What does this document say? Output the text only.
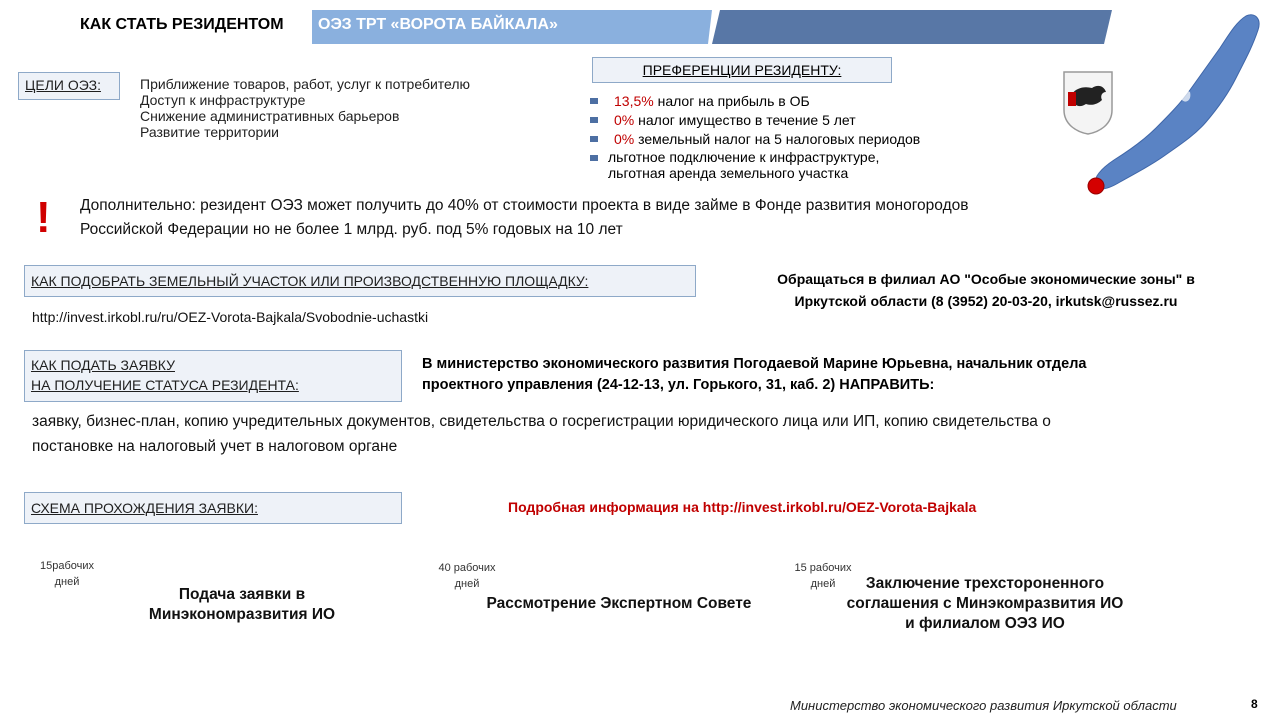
КАК СТАТЬ РЕЗИДЕНТОМ ОЭЗ ТРТ «ВОРОТА БАЙКАЛА»
ЦЕЛИ ОЭЗ:	Приближение товаров, работ, услуг к потребителю
Доступ к инфраструктуре
Снижение административных барьеров
Развитие территории
ПРЕФЕРЕНЦИИ РЕЗИДЕНТУ:
13,5% налог на прибыль в ОБ
0% налог имущество в течение 5 лет
0% земельный налог на 5 налоговых периодов
льготное подключение к инфраструктуре,
льготная аренда земельного участка
! Дополнительно: резидент ОЭЗ может получить до 40% от стоимости проекта в виде займе в Фонде развития моногородов
Российской Федерации но не более 1 млрд. руб. под 5% годовых на 10 лет
КАК ПОДОБРАТЬ ЗЕМЕЛЬНЫЙ УЧАСТОК ИЛИ ПРОИЗВОДСТВЕННУЮ ПЛОЩАДКУ:	Обращаться в филиал АО "Особые экономические зоны" в
Иркутской области (8 (3952) 20-03-20, irkutsk@russez.ru
http://invest.irkobl.ru/ru/OEZ-Vorota-Bajkala/Svobodnie-uchastki
КАК ПОДАТЬ ЗАЯВКУ
НА ПОЛУЧЕНИЕ СТАТУСА РЕЗИДЕНТА:
В министерство экономического развития Погодаевой Марине Юрьевна, начальник отдела
проектного управления (24-12-13, ул. Горького, 31, каб. 2) НАПРАВИТЬ:
заявку, бизнес-план, копию учредительных документов, свидетельства о госрегистрации юридического лица или ИП, копию свидетельства о
постановке на налоговый учет в налоговом органе
СХЕМА ПРОХОЖДЕНИЯ ЗАЯВКИ:	Подробная информация на http://invest.irkobl.ru/OEZ-Vorota-Bajkala
15рабочих
дней
Подача заявки в
Минэкономразвития ИО
40 рабочих
дней
Рассмотрение Экспертном Совете
15 рабочих
дней	Заключение трехстороненного
соглашения с Минэкомразвития ИО
и филиалом ОЭЗ ИО
Министерство экономического развития Иркутской области	8
